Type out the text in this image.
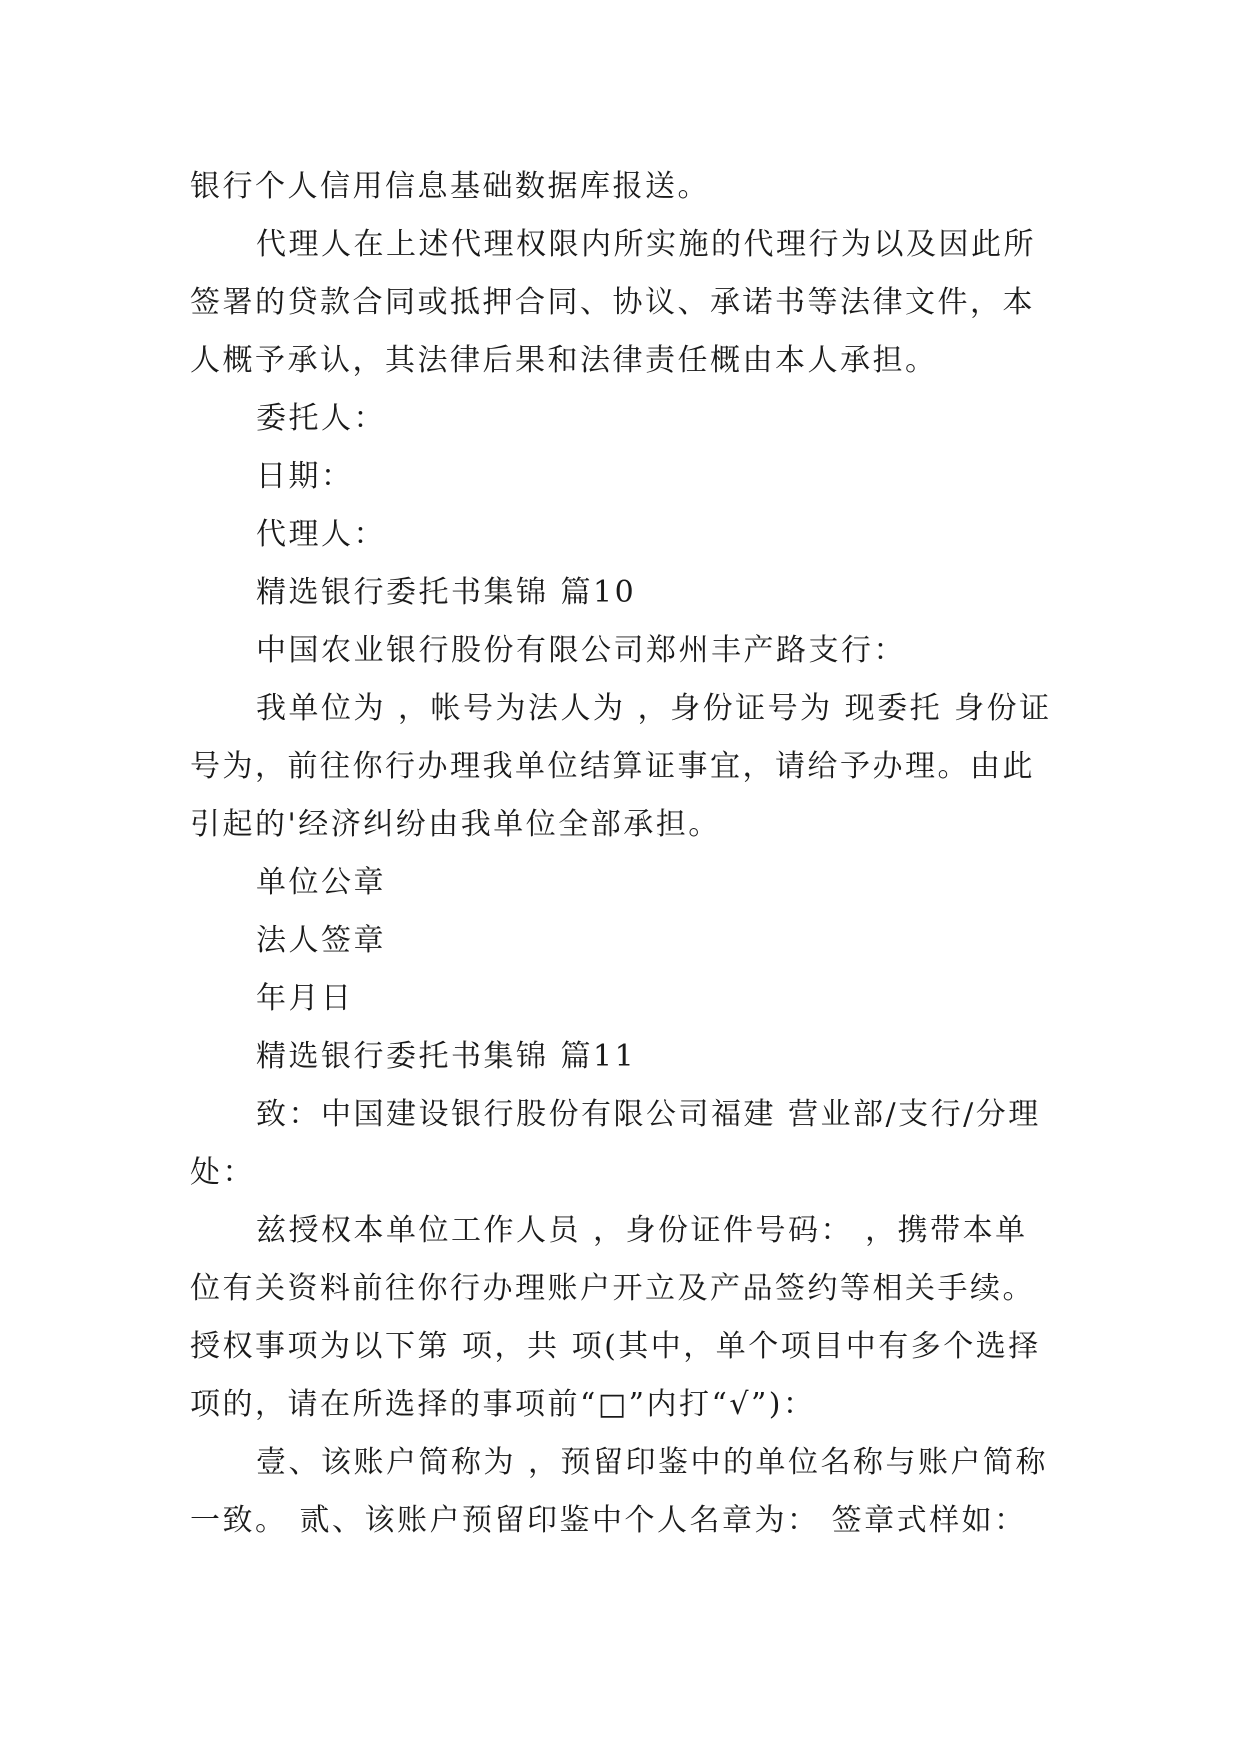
银行个人信用信息基础数据库报送。

代理人在上述代理权限内所实施的代理行为以及因此所签署的贷款合同或抵押合同、协议、承诺书等法律文件，本人概予承认，其法律后果和法律责任概由本人承担。

委托人：

日期：

代理人：

精选银行委托书集锦 篇10

中国农业银行股份有限公司郑州丰产路支行：

我单位为 ，帐号为法人为 ，身份证号为 现委托 身份证号为，前往你行办理我单位结算证事宜，请给予办理。由此引起的'经济纠纷由我单位全部承担。

单位公章

法人签章

年月日

精选银行委托书集锦 篇11

致：中国建设银行股份有限公司福建 营业部/支行/分理处：

兹授权本单位工作人员 ，身份证件号码： ，携带本单位有关资料前往你行办理账户开立及产品签约等相关手续。授权事项为以下第 项，共 项(其中，单个项目中有多个选择项的，请在所选择的事项前“□”内打“√”)：

壹、该账户简称为 ，预留印鉴中的单位名称与账户简称一致。 贰、该账户预留印鉴中个人名章为： 签章式样如：
